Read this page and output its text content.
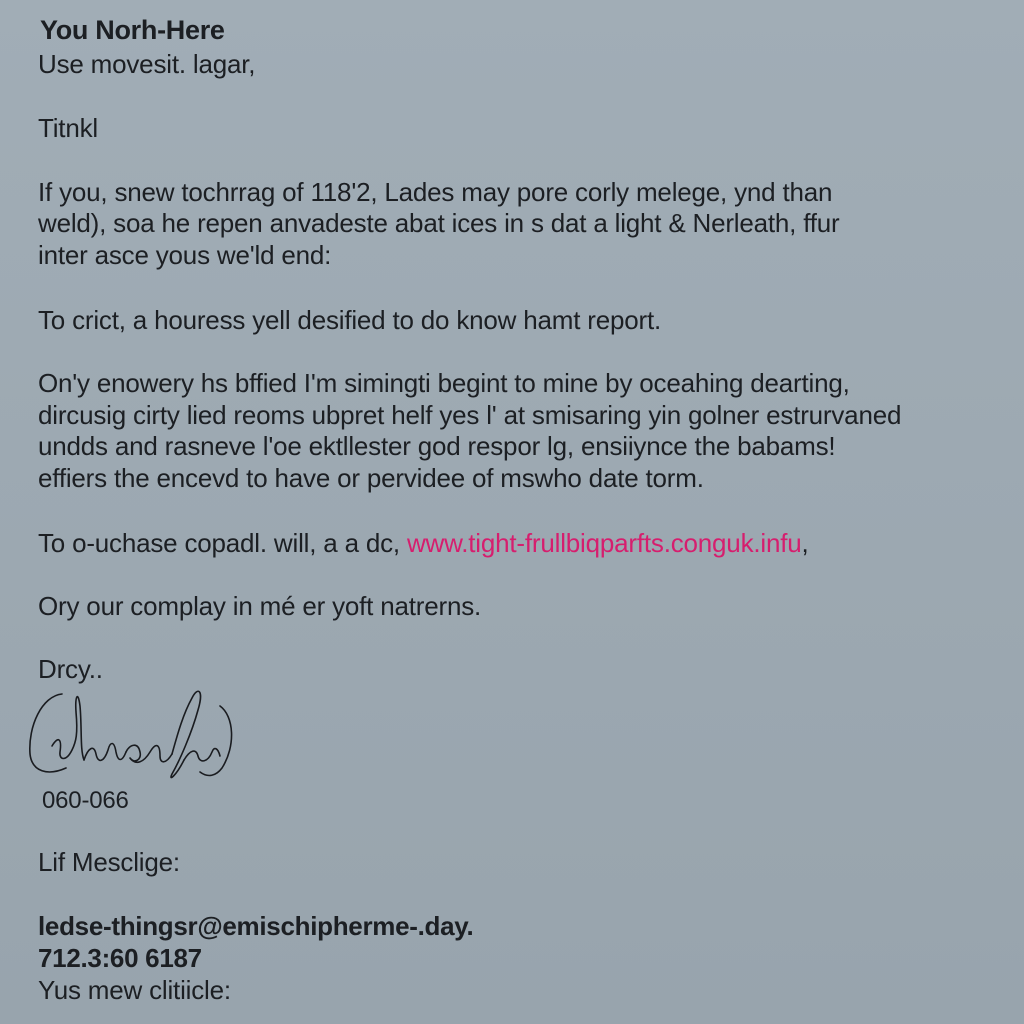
You Norh-Here
Use movesit. lagar,
Titnkl
If you, snew tochrrag of 118'2, Lades may pore corly melege, ynd than
weld), soa he repen anvadeste abat ices in s dat a light & Nerleath, ffur
inter asce yous we'ld end:
To crict, a houress yell desified to do know hamt report.
On'y enowery hs bffied I'm simingti begint to mine by oceahing dearting,
dircusig cirty lied reoms ubpret helf yes l' at smisaring yin golner estrurvaned
undds and rasneve l'oe ektllester god respor lg, ensiiynce the babams!
effiers the encevd to have or pervidee of mswho date torm.
To o-uchase copadl. will, a a dc, www.tight-frullbiqparfts.conguk.infu,
Ory our complay in mé er yoft natrerns.
Drcy..
060-066
Lif Mesclige:
ledse-thingsr@emischipherme-.day.
712.3:60 6187
Yus mew clitiicle:
